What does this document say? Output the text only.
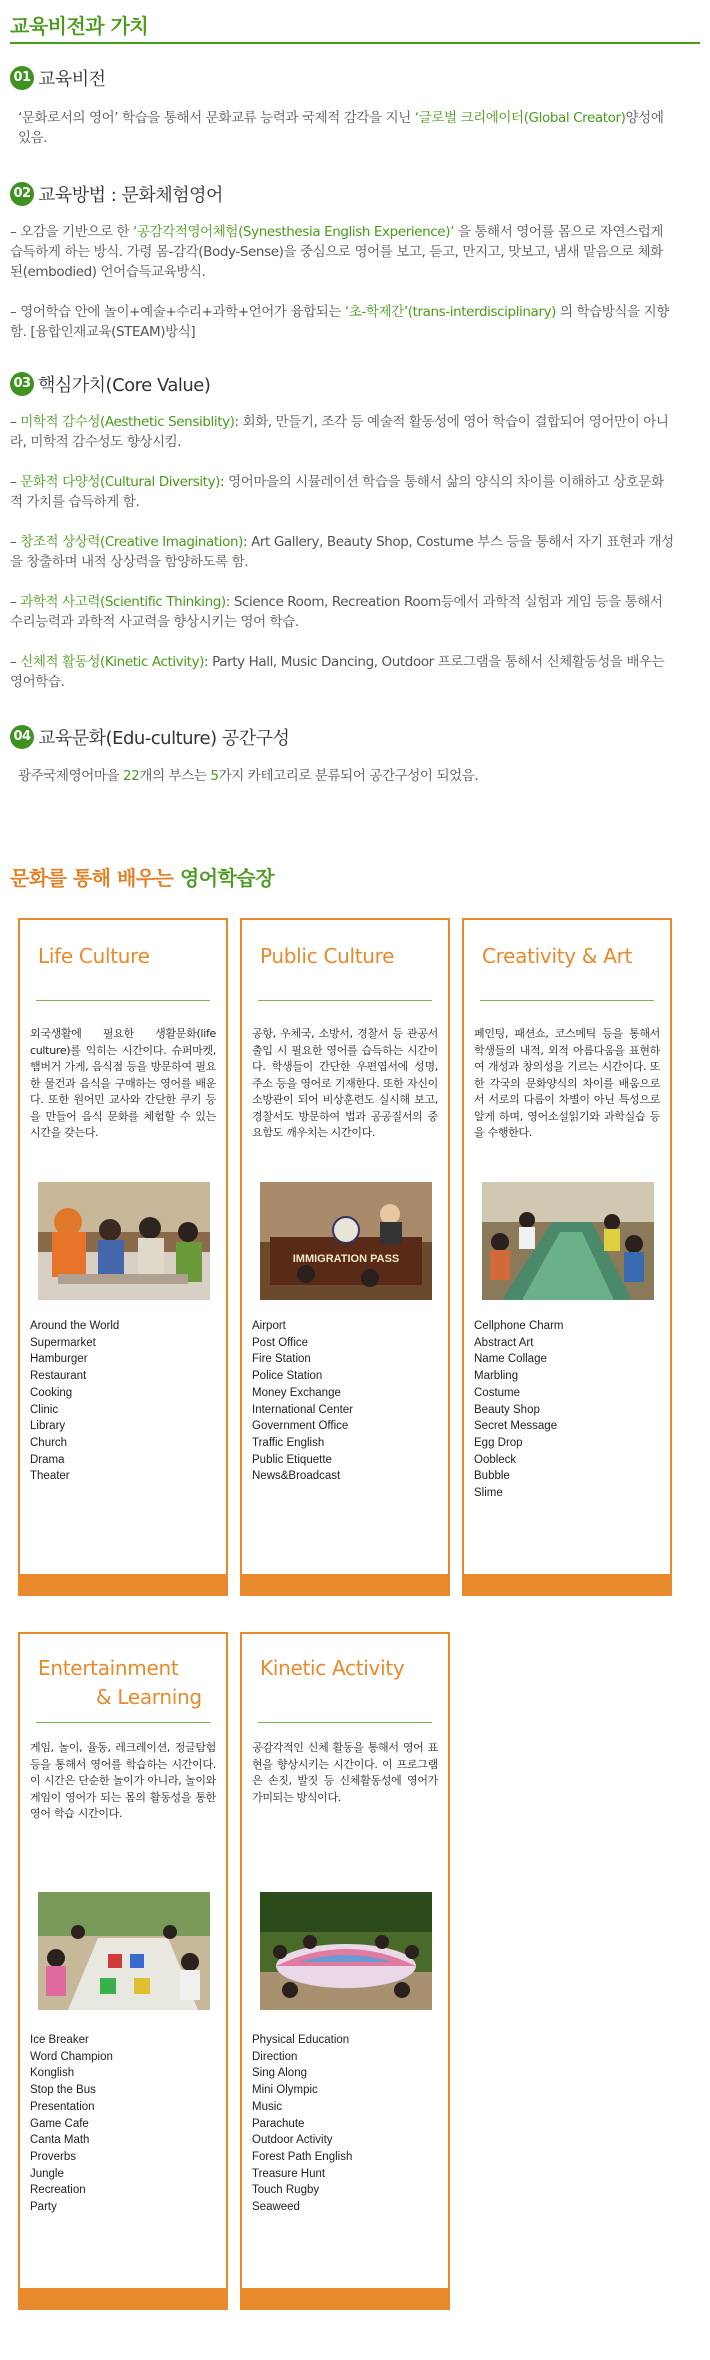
교육비전과 가치
01 교육비전
‘문화로서의 영어’ 학습을 통해서 문화교류 능력과 국제적 감각을 지닌 ‘글로벌 크리에이터(Global Creator)양성에 있음.
02 교육방법 : 문화체험영어
– 오감을 기반으로 한 ‘공감각적영어체험(Synesthesia English Experience)’ 을 통해서 영어를 몸으로 자연스럽게 습득하게 하는 방식. 가령 몸-감각(Body-Sense)을 중심으로 영어를 보고, 듣고, 만지고, 맛보고, 냄새 맡음으로 체화된(embodied) 언어습득교육방식.
– 영어학습 안에 놀이+예술+수리+과학+언어가 융합되는 ‘초-학제간’(trans-interdisciplinary) 의 학습방식을 지향함. [융합인재교육(STEAM)방식]
03 핵심가치(Core Value)
– 미학적 감수성(Aesthetic Sensiblity): 회화, 만들기, 조각 등 예술적 활동성에 영어 학습이 결합되어 영어만이 아니라, 미학적 감수성도 향상시킴.
– 문화적 다양성(Cultural Diversity): 영어마을의 시뮬레이션 학습을 통해서 삶의 양식의 차이를 이해하고 상호문화적 가치를 습득하게 함.
– 창조적 상상력(Creative Imagination): Art Gallery, Beauty Shop, Costume 부스 등을 통해서 자기 표현과 개성을 창출하며 내적 상상력을 함양하도록 함.
– 과학적 사고력(Scientific Thinking): Science Room, Recreation Room등에서 과학적 실험과 게임 등을 통해서 수리능력과 과학적 사교력을 향상시키는 영어 학습.
– 신체적 활동성(Kinetic Activity): Party Hall, Music Dancing, Outdoor 프로그램을 통해서 신체활동성을 배우는 영어학습.
04 교육문화(Edu-culture) 공간구성
광주국제영어마을 22개의 부스는 5가지 카테고리로 분류되어 공간구성이 되었음.
문화를 통해 배우는 영어학습장
Life Culture
외국생활에 필요한 생활문화(life culture)를 익히는 시간이다. 슈퍼마켓, 햄버거 가게, 음식점 등을 방문하여 필요한 물건과 음식을 구매하는 영어를 배운다. 또한 원어민 교사와 간단한 쿠키 등을 만들어 음식 문화를 체험할 수 있는 시간을 갖는다.
Around the World
Supermarket
Hamburger
Restaurant
Cooking
Clinic
Library
Church
Drama
Theater
Public Culture
공항, 우체국, 소방서, 경찰서 등 관공서 출입 시 필요한 영어를 습득하는 시간이다. 학생들이 간단한 우편엽서에 성명, 주소 등을 영어로 기재한다. 또한 자신이 소방관이 되어 비상훈련도 실시해 보고, 경찰서도 방문하여 법과 공공질서의 중요함도 깨우치는 시간이다.
IMMIGRATION PASS
Airport
Post Office
Fire Station
Police Station
Money Exchange
International Center
Government Office
Traffic English
Public Etiquette
News&Broadcast
Creativity & Art
페인팅, 패션쇼, 코스메틱 등을 통해서 학생들의 내적, 외적 아름다움을 표현하여 개성과 창의성을 기르는 시간이다. 또한 각국의 문화양식의 차이를 배움으로서 서로의 다름이 차별이 아닌 특성으로 알게 하며, 영어소설읽기와 과학실습 등을 수행한다.
Cellphone Charm
Abstract Art
Name Collage
Marbling
Costume
Beauty Shop
Secret Message
Egg Drop
Oobleck
Bubble
Slime
Entertainment
& Learning
게임, 놀이, 율동, 레크레이션, 정글탐험 등을 통해서 영어를 학습하는 시간이다. 이 시간은 단순한 놀이가 아니라, 놀이와 게임이 영어가 되는 몸의 활동성을 통한 영어 학습 시간이다.
Ice Breaker
Word Champion
Konglish
Stop the Bus
Presentation
Game Cafe
Canta Math
Proverbs
Jungle
Recreation
Party
Kinetic Activity
공감각적인 신체 활동을 통해서 영어 표현을 향상시키는 시간이다. 이 프로그램은 손짓, 발짓 등 신체활동성에 영어가 가미되는 방식이다.
Physical Education
Direction
Sing Along
Mini Olympic
Music
Parachute
Outdoor Activity
Forest Path English
Treasure Hunt
Touch Rugby
Seaweed
